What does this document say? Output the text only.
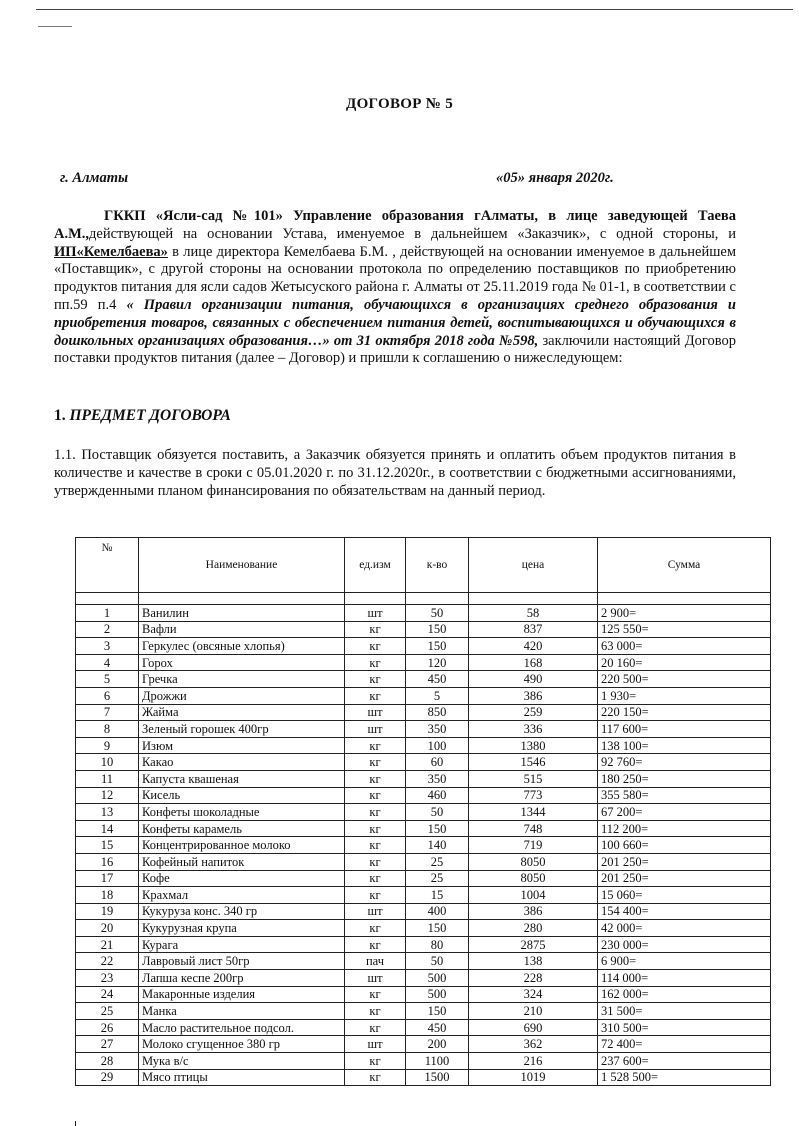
ДОГОВОР № 5
г. Алматы	«05» января 2020г.
ГККП «Ясли-сад №101» Управление образования гАлматы, в лице заведующей Таева А.М.,действующей на основании Устава, именуемое в дальнейшем «Заказчик», с одной стороны, и ИП«Кемелбаева» в лице директора Кемелбаева Б.М. , действующей на основании именуемое в дальнейшем «Поставщик», с другой стороны на основании протокола по определению поставщиков по приобретению продуктов питания для ясли садов Жетысуского района г. Алматы от 25.11.2019 года № 01-1, в соответствии с пп.59 п.4 « Правил организации питания, обучающихся в организациях среднего образования и приобретения товаров, связанных с обеспечением питания детей, воспитывающихся и обучающихся в дошкольных организациях образования…» от 31 октября 2018 года №598, заключили настоящий Договор поставки продуктов питания (далее – Договор) и пришли к соглашению о нижеследующем:
1. ПРЕДМЕТ ДОГОВОРА
1.1. Поставщик обязуется поставить, а Заказчик обязуется принять и оплатить объем продуктов питания в количестве и качестве в сроки с 05.01.2020 г. по 31.12.2020г., в соответствии с бюджетными ассигнованиями, утвержденными планом финансирования по обязательствам на данный период.
№	Наименование	ед.изм	к-во	цена	Сумма

1	Ванилин	шт	50	58	2 900=
2	Вафли	кг	150	837	125 550=
3	Геркулес (овсяные хлопья)	кг	150	420	63 000=
4	Горох	кг	120	168	20 160=
5	Гречка	кг	450	490	220 500=
6	Дрожжи	кг	5	386	1 930=
7	Жайма	шт	850	259	220 150=
8	Зеленый горошек 400гр	шт	350	336	117 600=
9	Изюм	кг	100	1380	138 100=
10	Какао	кг	60	1546	92 760=
11	Капуста квашеная	кг	350	515	180 250=
12	Кисель	кг	460	773	355 580=
13	Конфеты шоколадные	кг	50	1344	67 200=
14	Конфеты карамель	кг	150	748	112 200=
15	Концентрированное молоко	кг	140	719	100 660=
16	Кофейный напиток	кг	25	8050	201 250=
17	Кофе	кг	25	8050	201 250=
18	Крахмал	кг	15	1004	15 060=
19	Кукуруза конс. 340 гр	шт	400	386	154 400=
20	Кукурузная крупа	кг	150	280	42 000=
21	Курага	кг	80	2875	230 000=
22	Лавровый лист 50гр	пач	50	138	6 900=
23	Лапша кеспе 200гр	шт	500	228	114 000=
24	Макаронные изделия	кг	500	324	162 000=
25	Манка	кг	150	210	31 500=
26	Масло растительное подсол.	кг	450	690	310 500=
27	Молоко сгущенное 380 гр	шт	200	362	72 400=
28	Мука в/с	кг	1100	216	237 600=
29	Мясо птицы	кг	1500	1019	1 528 500=
